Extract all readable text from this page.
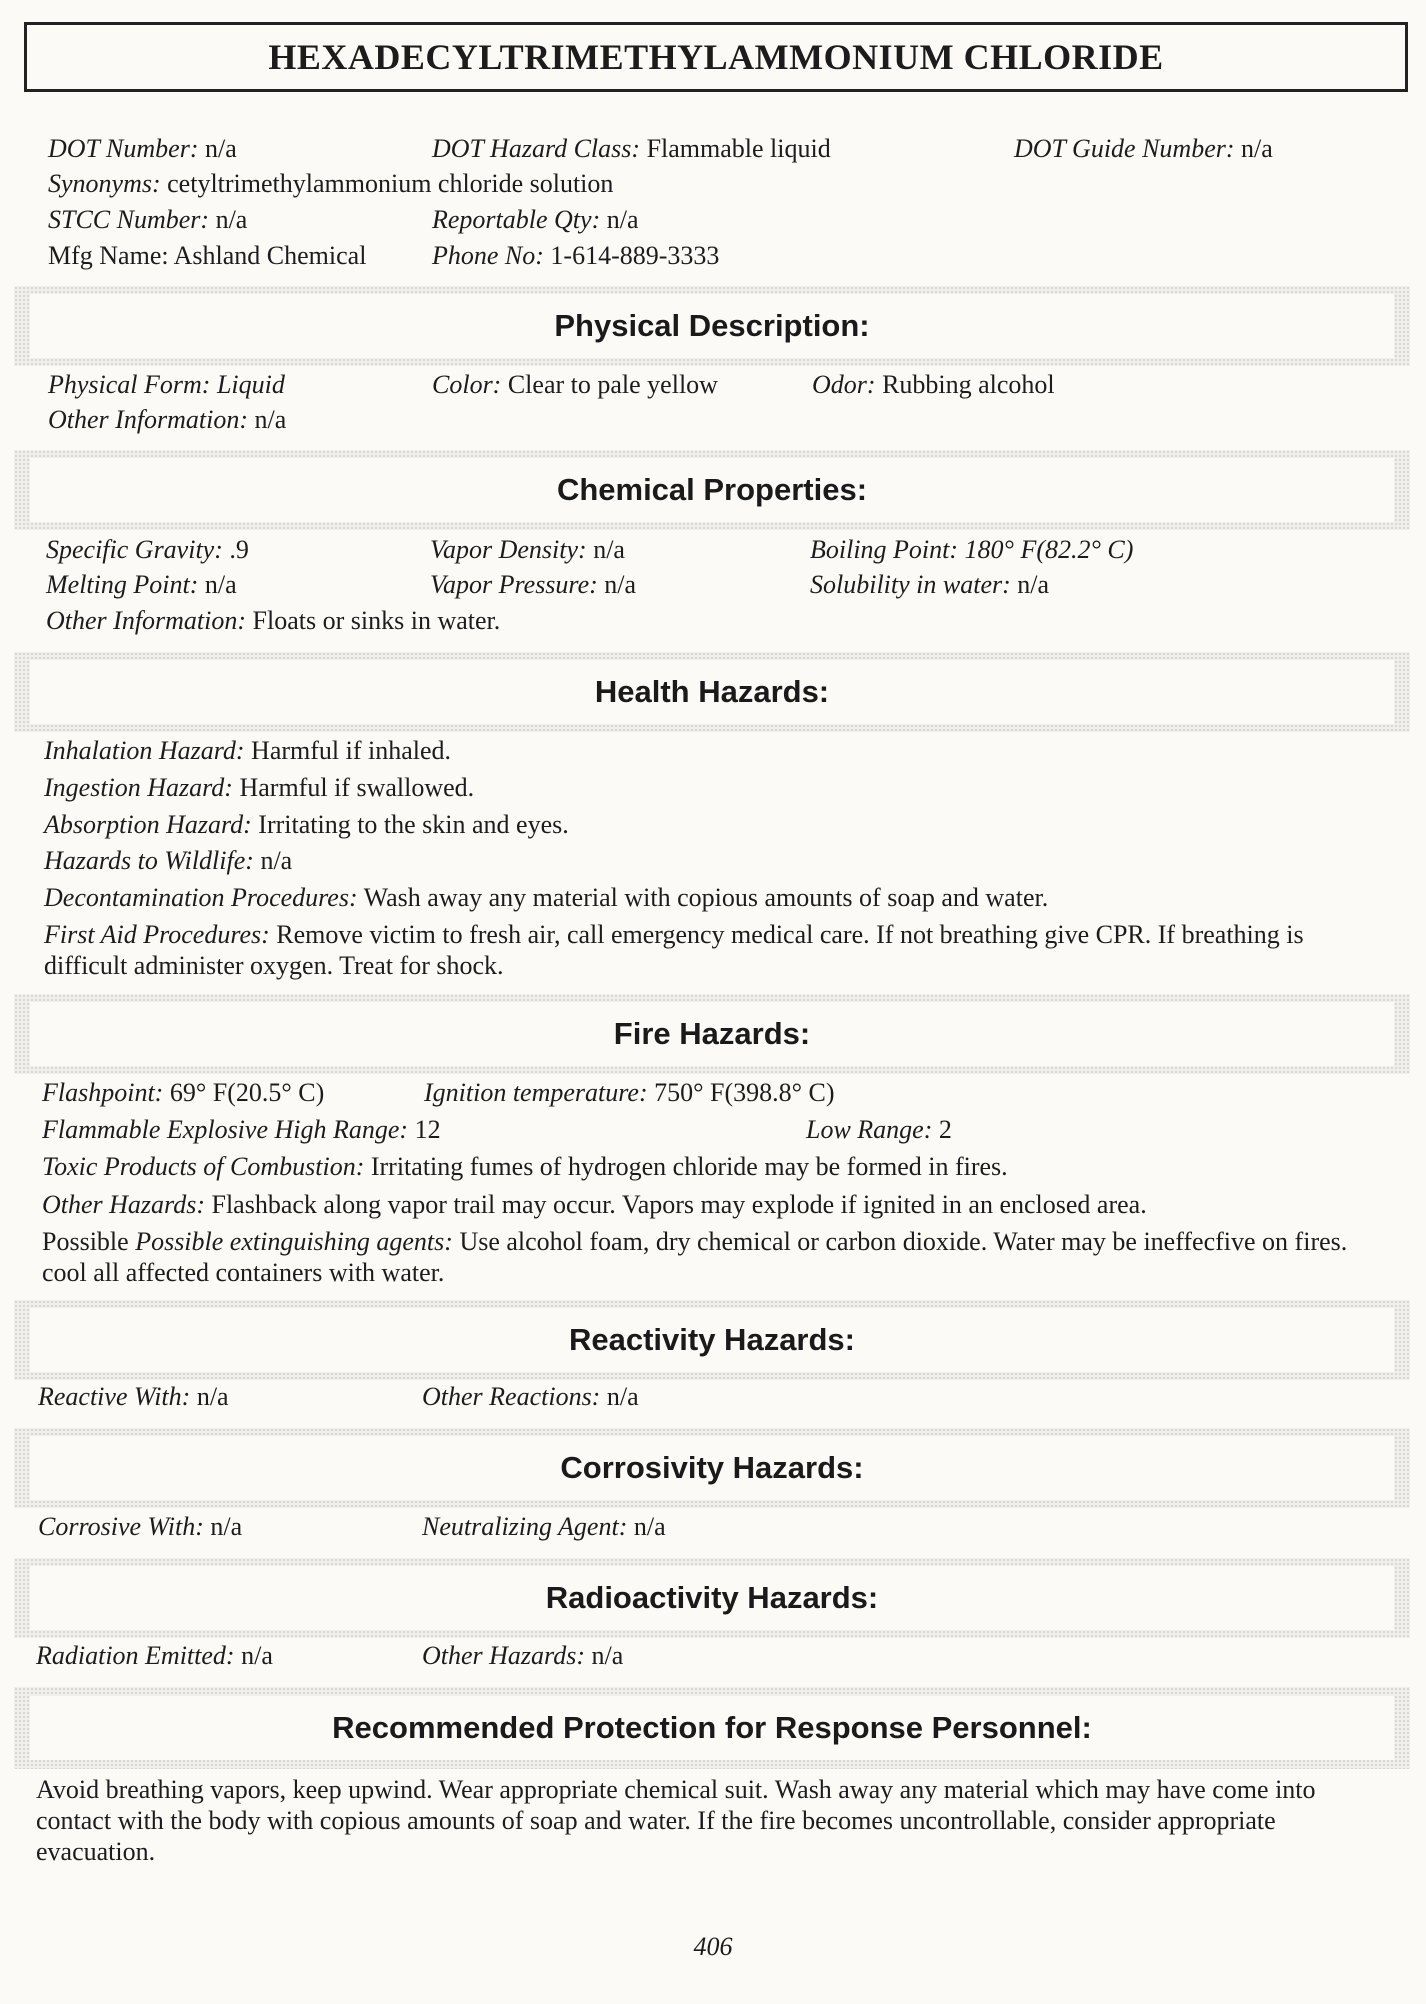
HEXADECYLTRIMETHYLAMMONIUM CHLORIDE
DOT Number: n/a	DOT Hazard Class: Flammable liquid	DOT Guide Number: n/a
Synonyms: cetyltrimethylammonium chloride solution
STCC Number: n/a	Reportable Qty: n/a
Mfg Name: Ashland Chemical	Phone No: 1-614-889-3333
Physical Description:
Physical Form: Liquid	Color: Clear to pale yellow	Odor: Rubbing alcohol
Other Information: n/a
Chemical Properties:
Specific Gravity: .9	Vapor Density: n/a	Boiling Point: 180° F(82.2° C)
Melting Point: n/a	Vapor Pressure: n/a	Solubility in water: n/a
Other Information: Floats or sinks in water.
Health Hazards:
Inhalation Hazard: Harmful if inhaled.
Ingestion Hazard: Harmful if swallowed.
Absorption Hazard: Irritating to the skin and eyes.
Hazards to Wildlife: n/a
Decontamination Procedures: Wash away any material with copious amounts of soap and water.
First Aid Procedures: Remove victim to fresh air, call emergency medical care. If not breathing give CPR. If breathing is difficult administer oxygen. Treat for shock.
Fire Hazards:
Flashpoint: 69° F(20.5° C)	Ignition temperature: 750° F(398.8° C)
Flammable Explosive High Range: 12	Low Range: 2
Toxic Products of Combustion: Irritating fumes of hydrogen chloride may be formed in fires.
Other Hazards: Flashback along vapor trail may occur. Vapors may explode if ignited in an enclosed area.
Possible Possible extinguishing agents: Use alcohol foam, dry chemical or carbon dioxide. Water may be ineffecfive on fires. cool all affected containers with water.
Reactivity Hazards:
Reactive With: n/a	Other Reactions: n/a
Corrosivity Hazards:
Corrosive With: n/a	Neutralizing Agent: n/a
Radioactivity Hazards:
Radiation Emitted: n/a	Other Hazards: n/a
Recommended Protection for Response Personnel:
Avoid breathing vapors, keep upwind. Wear appropriate chemical suit. Wash away any material which may have come into contact with the body with copious amounts of soap and water. If the fire becomes uncontrollable, consider appropriate evacuation.
406
